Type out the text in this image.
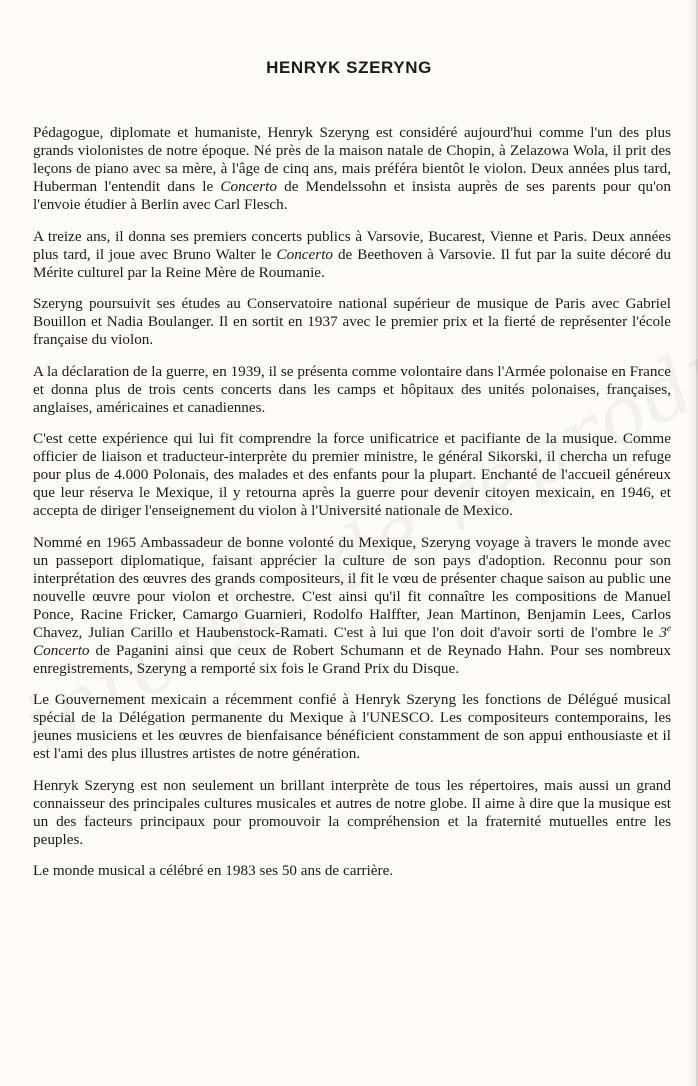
HENRYK SZERYNG

Pédagogue, diplomate et humaniste, Henryk Szeryng est considéré aujourd'hui comme l'un des plus grands violonistes de notre époque. Né près de la maison natale de Chopin, à Zelazowa Wola, il prit des leçons de piano avec sa mère, à l'âge de cinq ans, mais préféra bientôt le violon. Deux années plus tard, Huberman l'entendit dans le Concerto de Mendelssohn et insista auprès de ses parents pour qu'on l'envoie étudier à Berlin avec Carl Flesch.

A treize ans, il donna ses premiers concerts publics à Varsovie, Bucarest, Vienne et Paris. Deux années plus tard, il joue avec Bruno Walter le Concerto de Beethoven à Varsovie. Il fut par la suite décoré du Mérite culturel par la Reine Mère de Roumanie.

Szeryng poursuivit ses études au Conservatoire national supérieur de musique de Paris avec Gabriel Bouillon et Nadia Boulanger. Il en sortit en 1937 avec le premier prix et la fierté de représenter l'école française du violon.

A la déclaration de la guerre, en 1939, il se présenta comme volontaire dans l'Armée polonaise en France et donna plus de trois cents concerts dans les camps et hôpitaux des unités polonaises, françaises, anglaises, américaines et canadiennes.

C'est cette expérience qui lui fit comprendre la force unificatrice et pacifiante de la musique. Comme officier de liaison et traducteur-interprète du premier ministre, le général Sikorski, il chercha un refuge pour plus de 4.000 Polonais, des malades et des enfants pour la plupart. Enchanté de l'accueil généreux que leur réserva le Mexique, il y retourna après la guerre pour devenir citoyen mexicain, en 1946, et accepta de diriger l'enseignement du violon à l'Université nationale de Mexico.

Nommé en 1965 Ambassadeur de bonne volonté du Mexique, Szeryng voyage à travers le monde avec un passeport diplomatique, faisant apprécier la culture de son pays d'adoption. Reconnu pour son interprétation des œuvres des grands compositeurs, il fit le vœu de présenter chaque saison au public une nouvelle œuvre pour violon et orchestre. C'est ainsi qu'il fit connaître les compositions de Manuel Ponce, Racine Fricker, Camargo Guarnieri, Rodolfo Halffter, Jean Martinon, Benjamin Lees, Carlos Chavez, Julian Carillo et Haubenstock-Ramati. C'est à lui que l'on doit d'avoir sorti de l'ombre le 3e Concerto de Paganini ainsi que ceux de Robert Schumann et de Reynado Hahn. Pour ses nombreux enregistrements, Szeryng a remporté six fois le Grand Prix du Disque.

Le Gouvernement mexicain a récemment confié à Henryk Szeryng les fonctions de Délégué musical spécial de la Délégation permanente du Mexique à l'UNESCO. Les compositeurs contemporains, les jeunes musiciens et les œuvres de bienfaisance bénéficient constamment de son appui enthousiaste et il est l'ami des plus illustres artistes de notre génération.

Henryk Szeryng est non seulement un brillant interprète de tous les répertoires, mais aussi un grand connaisseur des principales cultures musicales et autres de notre globe. Il aime à dire que la musique est un des facteurs principaux pour promouvoir la compréhension et la fraternité mutuelles entre les peuples.

Le monde musical a célébré en 1983 ses 50 ans de carrière.
